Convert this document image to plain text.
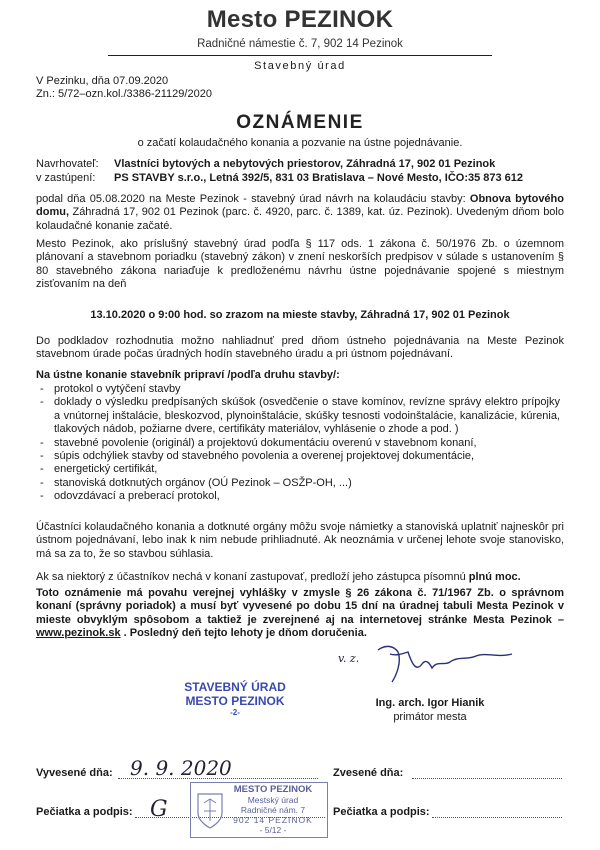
Mesto PEZINOK
Radničné námestie č. 7, 902 14 Pezinok
Stavebný úrad
V Pezinku, dňa 07.09.2020
Zn.: 5/72–ozn.kol./3386-21129/2020
OZNÁMENIE
o začatí kolaudačného konania a pozvanie na ústne pojednávanie.
Navrhovateľ: Vlastníci bytových a nebytových priestorov, Záhradná 17, 902 01 Pezinok
v zastúpení: PS STAVBY s.r.o., Letná 392/5, 831 03 Bratislava – Nové Mesto, IČO:35 873 612
podal dňa 05.08.2020 na Meste Pezinok - stavebný úrad návrh na kolaudáciu stavby: Obnova bytového domu, Záhradná 17, 902 01 Pezinok (parc. č. 4920, parc. č. 1389, kat. úz. Pezinok). Uvedeným dňom bolo kolaudačné konanie začaté.
Mesto Pezinok, ako príslušný stavebný úrad podľa § 117 ods. 1 zákona č. 50/1976 Zb. o územnom plánovaní a stavebnom poriadku (stavebný zákon) v znení neskorších predpisov v súlade s ustanovením § 80 stavebného zákona nariaďuje k predloženému návrhu ústne pojednávanie spojené s miestnym zisťovaním na deň
13.10.2020 o 9:00 hod. so zrazom na mieste stavby, Záhradná 17, 902 01 Pezinok
Do podkladov rozhodnutia možno nahliadnuť pred dňom ústneho pojednávania na Meste Pezinok stavebnom úrade počas úradných hodín stavebného úradu a pri ústnom pojednávaní.
Na ústne konanie stavebník pripraví /podľa druhu stavby/:
- protokol o vytýčení stavby
- doklady o výsledku predpísaných skúšok (osvedčenie o stave komínov, revízne správy elektro prípojky a vnútornej inštalácie, bleskozvod, plynoinštalácie, skúšky tesnosti vodoinštalácie, kanalizácie, kúrenia, tlakových nádob, požiarne dvere, certifikáty materiálov, vyhlásenie o zhode a pod. )
- stavebné povolenie (originál) a projektovú dokumentáciu overenú v stavebnom konaní,
- súpis odchýliek stavby od stavebného povolenia a overenej projektovej dokumentácie,
- energetický certifikát,
- stanoviská dotknutých orgánov (OÚ Pezinok – OSŽP-OH, ...)
- odovzdávací a preberací protokol,
Účastníci kolaudačného konania a dotknuté orgány môžu svoje námietky a stanoviská uplatniť najneskôr pri ústnom pojednávaní, lebo inak k nim nebude prihliadnuté. Ak neoznámia v určenej lehote svoje stanovisko, má sa za to, že so stavbou súhlasia.
Ak sa niektorý z účastníkov nechá v konaní zastupovať, predloží jeho zástupca písomnú plnú moc.
Toto oznámenie má povahu verejnej vyhlášky v zmysle § 26 zákona č. 71/1967 Zb. o správnom konaní (správny poriadok) a musí byť vyvesené po dobu 15 dní na úradnej tabuli Mesta Pezinok v mieste obvyklým spôsobom a taktiež je zverejnené aj na internetovej stránke Mesta Pezinok – www.pezinok.sk . Posledný deň tejto lehoty je dňom doručenia.
STAVEBNÝ ÚRAD
MESTO PEZINOK
-2-
v. z.
Ing. arch. Igor Hianik
primátor mesta
Vyvesené dňa: 9. 9. 2020	Zvesené dňa:
Pečiatka a podpis: G
MESTO PEZINOK
Mestský úrad
Radničné nám. 7
902 14 PEZINOK
- 5/12 -
Pečiatka a podpis:
